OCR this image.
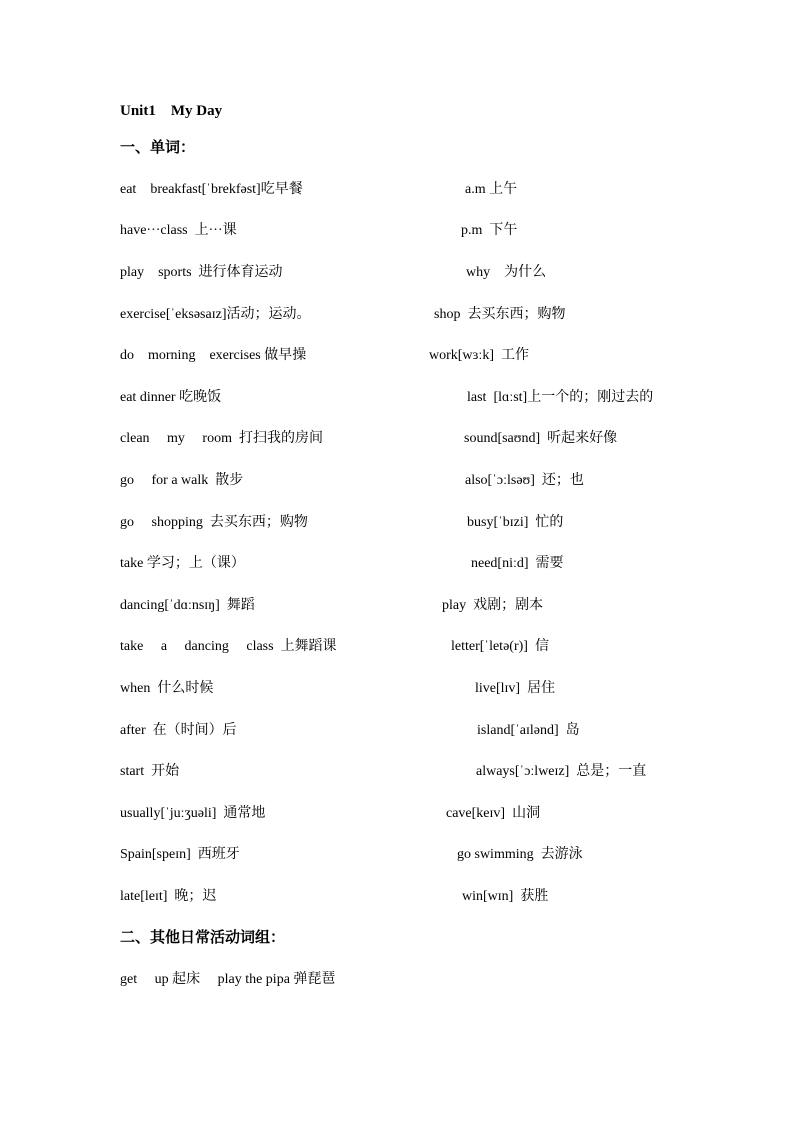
Unit1    My Day
一、单词：
eat    breakfast[ˈbrekfəst]吃早餐	a.m 上午
have···class  上···课	p.m  下午
play    sports  进行体育运动	why    为什么
exercise[ˈeksəsaɪz]活动；运动。	shop  去买东西；购物
do    morning    exercises 做早操	work[wɜːk]  工作
eat dinner 吃晚饭	last  [lɑːst]上一个的；刚过去的
clean     my     room  打扫我的房间	sound[saʊnd]  听起来好像
go     for a walk  散步	also[ˈɔːlsəʊ]  还；也
go     shopping  去买东西；购物	busy[ˈbɪzi]  忙的
take 学习；上（课）	need[niːd]  需要
dancing[ˈdɑːnsɪŋ]  舞蹈	play  戏剧；剧本
take     a     dancing     class  上舞蹈课	letter[ˈletə(r)]  信
when  什么时候	live[lɪv]  居住
after  在（时间）后	island[ˈaɪlənd]  岛
start  开始	always[ˈɔːlweɪz]  总是；一直
usually[ˈjuːʒuəli]  通常地	cave[keɪv]  山洞
Spain[speɪn]  西班牙	go swimming  去游泳
late[leɪt]  晚；迟	win[wɪn]  获胜
二、其他日常活动词组：
get     up 起床     play the pipa 弹琵琶
